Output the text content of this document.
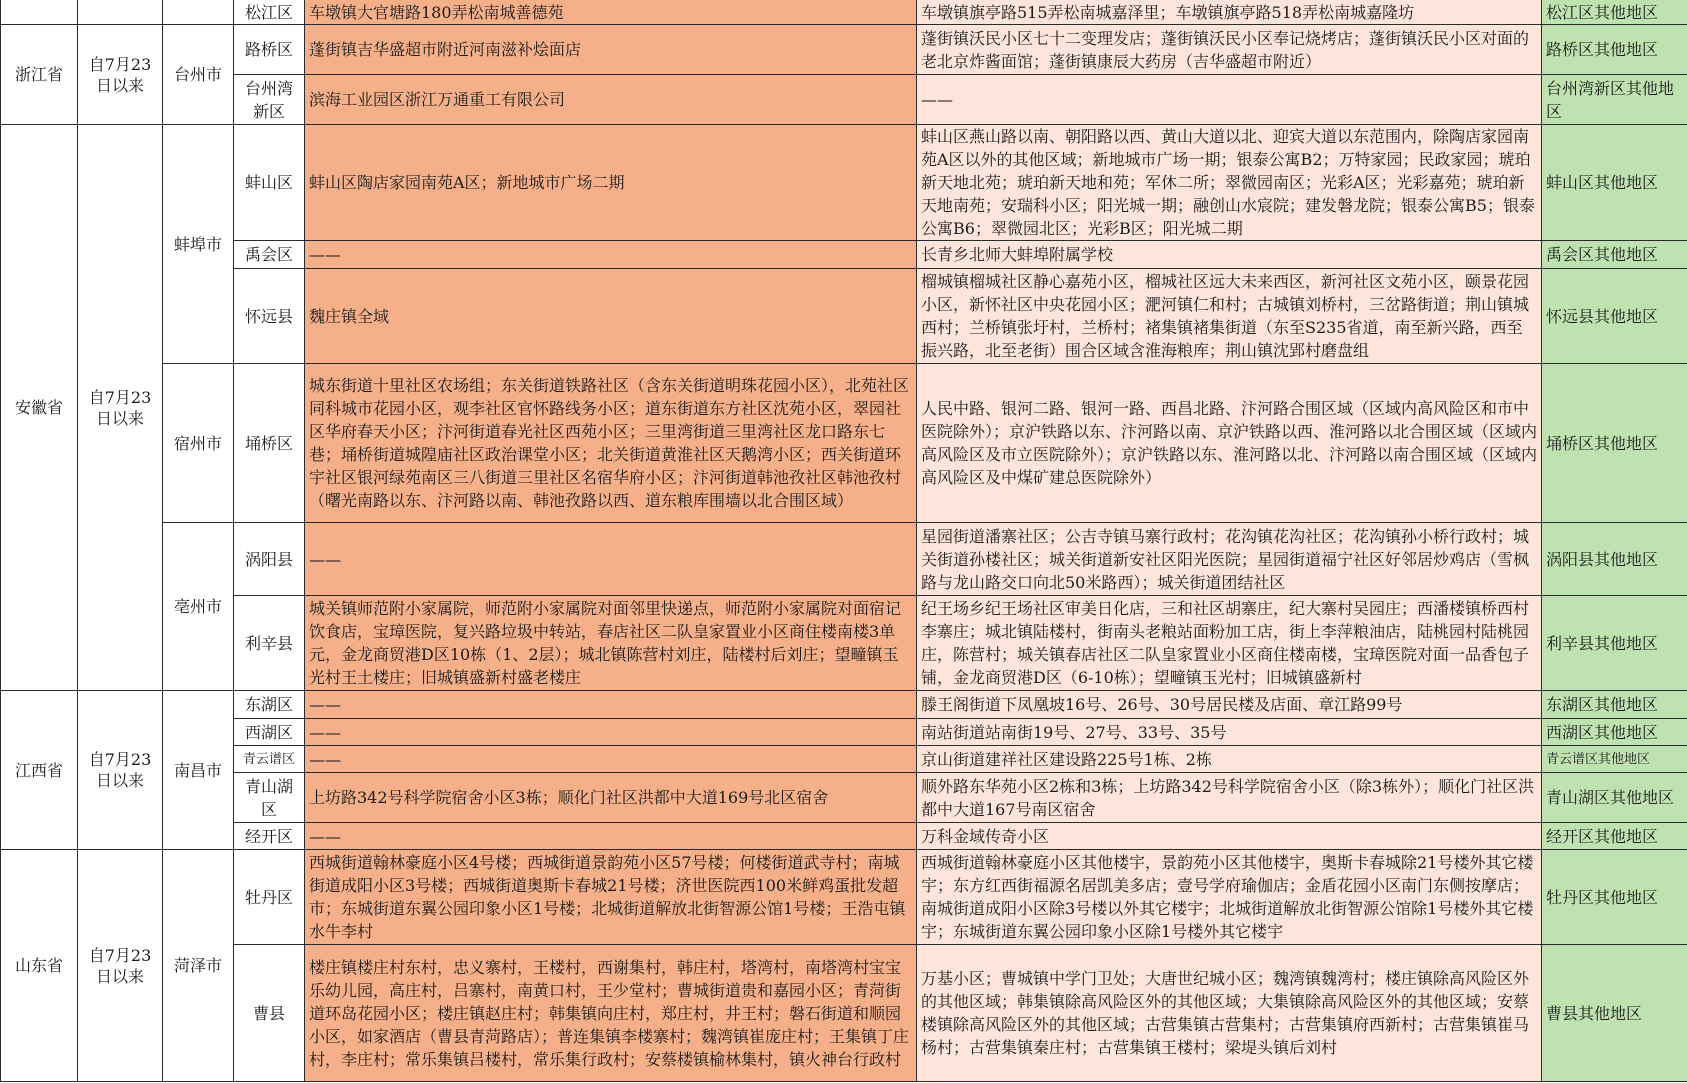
			松江区	车墩镇大官塘路180弄松南城善德苑	车墩镇旗亭路515弄松南城嘉泽里；车墩镇旗亭路518弄松南城嘉隆坊	松江区其他地区
浙江省	自7月23日以来	台州市	路桥区	蓬街镇吉华盛超市附近河南滋补烩面店	蓬街镇沃民小区七十二变理发店；蓬街镇沃民小区奉记烧烤店；蓬街镇沃民小区对面的老北京炸酱面馆；蓬街镇康辰大药房（吉华盛超市附近）	路桥区其他地区
			台州湾新区	滨海工业园区浙江万通重工有限公司	——	台州湾新区其他地区
安徽省	自7月23日以来	蚌埠市	蚌山区	蚌山区陶店家园南苑A区；新地城市广场二期	蚌山区燕山路以南、朝阳路以西、黄山大道以北、迎宾大道以东范围内，除陶店家园南苑A区以外的其他区域；新地城市广场一期；银泰公寓B2；万特家园；民政家园；琥珀新天地北苑；琥珀新天地和苑；军休二所；翠微园南区；光彩A区；光彩嘉苑；琥珀新天地南苑；安瑞科小区；阳光城一期；融创山水宸院；建发磐龙院；银泰公寓B5；银泰公寓B6；翠微园北区；光彩B区；阳光城二期	蚌山区其他地区
			禹会区	——	长青乡北师大蚌埠附属学校	禹会区其他地区
			怀远县	魏庄镇全域	榴城镇榴城社区静心嘉苑小区，榴城社区远大未来西区，新河社区文苑小区，颐景花园小区，新怀社区中央花园小区；淝河镇仁和村；古城镇刘桥村，三岔路街道；荆山镇城西村；兰桥镇张圩村，兰桥村；褚集镇褚集街道（东至S235省道，南至新兴路，西至振兴路，北至老街）围合区域含淮海粮库；荆山镇沈郢村磨盘组	怀远县其他地区
		宿州市	埇桥区	城东街道十里社区农场组；东关街道铁路社区（含东关街道明珠花园小区），北苑社区同科城市花园小区，观李社区官怀路线务小区；道东街道东方社区沈苑小区，翠园社区华府春天小区；汴河街道春光社区西苑小区；三里湾街道三里湾社区龙口路东七巷；埇桥街道城隍庙社区政治课堂小区；北关街道黄淮社区天鹅湾小区；西关街道环宇社区银河绿苑南区三八街道三里社区名宿华府小区；汴河街道韩池孜社区韩池孜村（曙光南路以东、汴河路以南、韩池孜路以西、道东粮库围墙以北合围区域）	人民中路、银河二路、银河一路、西昌北路、汴河路合围区域（区域内高风险区和市中医院除外）；京沪铁路以东、汴河路以南、京沪铁路以西、淮河路以北合围区域（区域内高风险区及市立医院除外）；京沪铁路以东、淮河路以北、汴河路以南合围区域（区域内高风险区及中煤矿建总医院除外）	埇桥区其他地区
		亳州市	涡阳县	——	星园街道潘寨社区；公吉寺镇马寨行政村；花沟镇花沟社区；花沟镇孙小桥行政村；城关街道孙楼社区；城关街道新安社区阳光医院；星园街道福宁社区好邻居炒鸡店（雪枫路与龙山路交口向北50米路西）；城关街道团结社区	涡阳县其他地区
			利辛县	城关镇师范附小家属院，师范附小家属院对面邻里快递点，师范附小家属院对面宿记饮食店，宝璋医院，复兴路垃圾中转站，春店社区二队皇家置业小区商住楼南楼3单元，金龙商贸港D区10栋（1、2层）；城北镇陈营村刘庄，陆楼村后刘庄；望疃镇玉光村王土楼庄；旧城镇盛新村盛老楼庄	纪王场乡纪王场社区审美日化店，三和社区胡寨庄，纪大寨村吴园庄；西潘楼镇桥西村李寨庄；城北镇陆楼村，街南头老粮站面粉加工店，街上李萍粮油店，陆桃园村陆桃园庄，陈营村；城关镇春店社区二队皇家置业小区商住楼南楼，宝璋医院对面一品香包子铺，金龙商贸港D区（6-10栋）；望疃镇玉光村；旧城镇盛新村	利辛县其他地区
江西省	自7月23日以来	南昌市	东湖区	——	滕王阁街道下凤凰坡16号、26号、30号居民楼及店面、章江路99号	东湖区其他地区
			西湖区	——	南站街道站南街19号、27号、33号、35号	西湖区其他地区
			青云谱区	——	京山街道建祥社区建设路225号1栋、2栋	青云谱区其他地区
			青山湖区	上坊路342号科学院宿舍小区3栋；顺化门社区洪都中大道169号北区宿舍	顺外路东华苑小区2栋和3栋；上坊路342号科学院宿舍小区（除3栋外）；顺化门社区洪都中大道167号南区宿舍	青山湖区其他地区
			经开区	——	万科金域传奇小区	经开区其他地区
山东省	自7月23日以来	菏泽市	牡丹区	西城街道翰林豪庭小区4号楼；西城街道景韵苑小区57号楼；何楼街道武寺村；南城街道成阳小区3号楼；西城街道奥斯卡春城21号楼；济世医院西100米鲜鸡蛋批发超市；东城街道东翼公园印象小区1号楼；北城街道解放北街智源公馆1号楼；王浩屯镇水牛李村	西城街道翰林豪庭小区其他楼宇，景韵苑小区其他楼宇，奥斯卡春城除21号楼外其它楼宇；东方红西街福源名居凯美多店；壹号学府瑜伽店；金盾花园小区南门东侧按摩店；南城街道成阳小区除3号楼以外其它楼宇；北城街道解放北街智源公馆除1号楼外其它楼宇；东城街道东翼公园印象小区除1号楼外其它楼宇	牡丹区其他地区
			曹县	楼庄镇楼庄村东村，忠义寨村，王楼村，西谢集村，韩庄村，塔湾村，南塔湾村宝宝乐幼儿园，高庄村，吕寨村，南黄口村，王少堂村；曹城街道贵和嘉园小区；青菏街道环岛花园小区；楼庄镇赵庄村；韩集镇向庄村，郑庄村，井王村；磐石街道和顺园小区，如家酒店（曹县青菏路店）；普连集镇李楼寨村；魏湾镇崔庞庄村；王集镇丁庄村，李庄村；常乐集镇吕楼村，常乐集行政村；安蔡楼镇榆林集村，镇火神台行政村	万基小区；曹城镇中学门卫处；大唐世纪城小区；魏湾镇魏湾村；楼庄镇除高风险区外的其他区域；韩集镇除高风险区外的其他区域；大集镇除高风险区外的其他区域；安蔡楼镇除高风险区外的其他区域；古营集镇古营集村；古营集镇府西新村；古营集镇崔马杨村；古营集镇秦庄村；古营集镇王楼村；梁堤头镇后刘村	曹县其他地区
